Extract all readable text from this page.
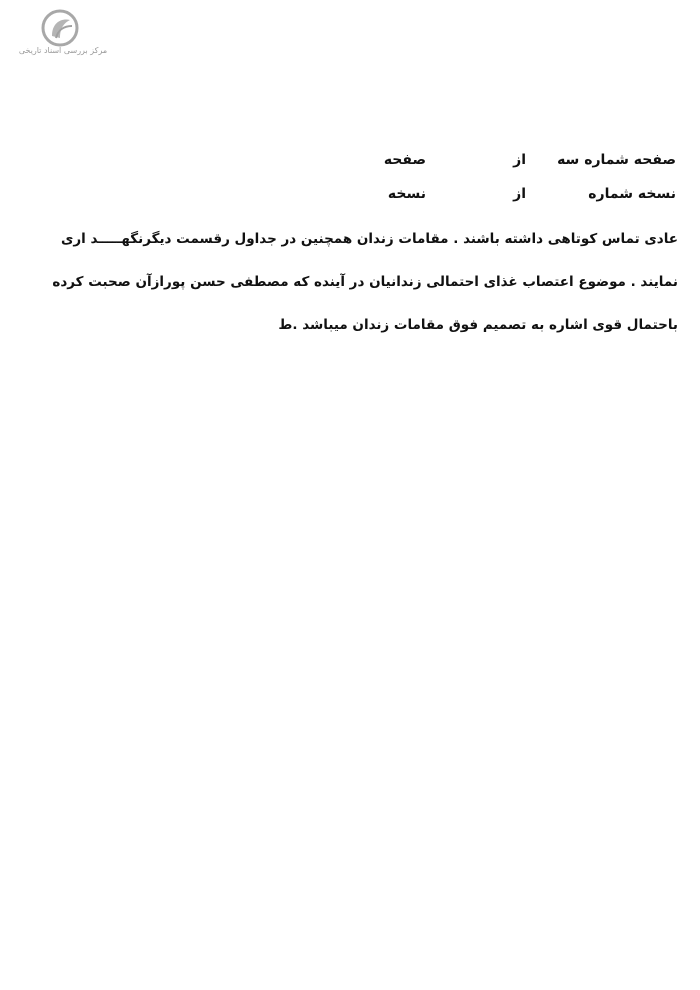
مرکز بررسی اسناد تاریخی
صفحه شماره سه
از
صفحه
نسخه شماره
از
نسخه
عادی تماس کوتاهی داشته باشند . مقامات زندان همچنین در جداول رقسمت دیگرنگهـــــد اری
نمایند . موضوع اعتصاب غذای احتمالی زندانیان در آینده که مصطفی حسن پورازآن صحبت کرده
باحتمال قوی اشاره به تصمیم فوق مقامات زندان میباشد .ط
